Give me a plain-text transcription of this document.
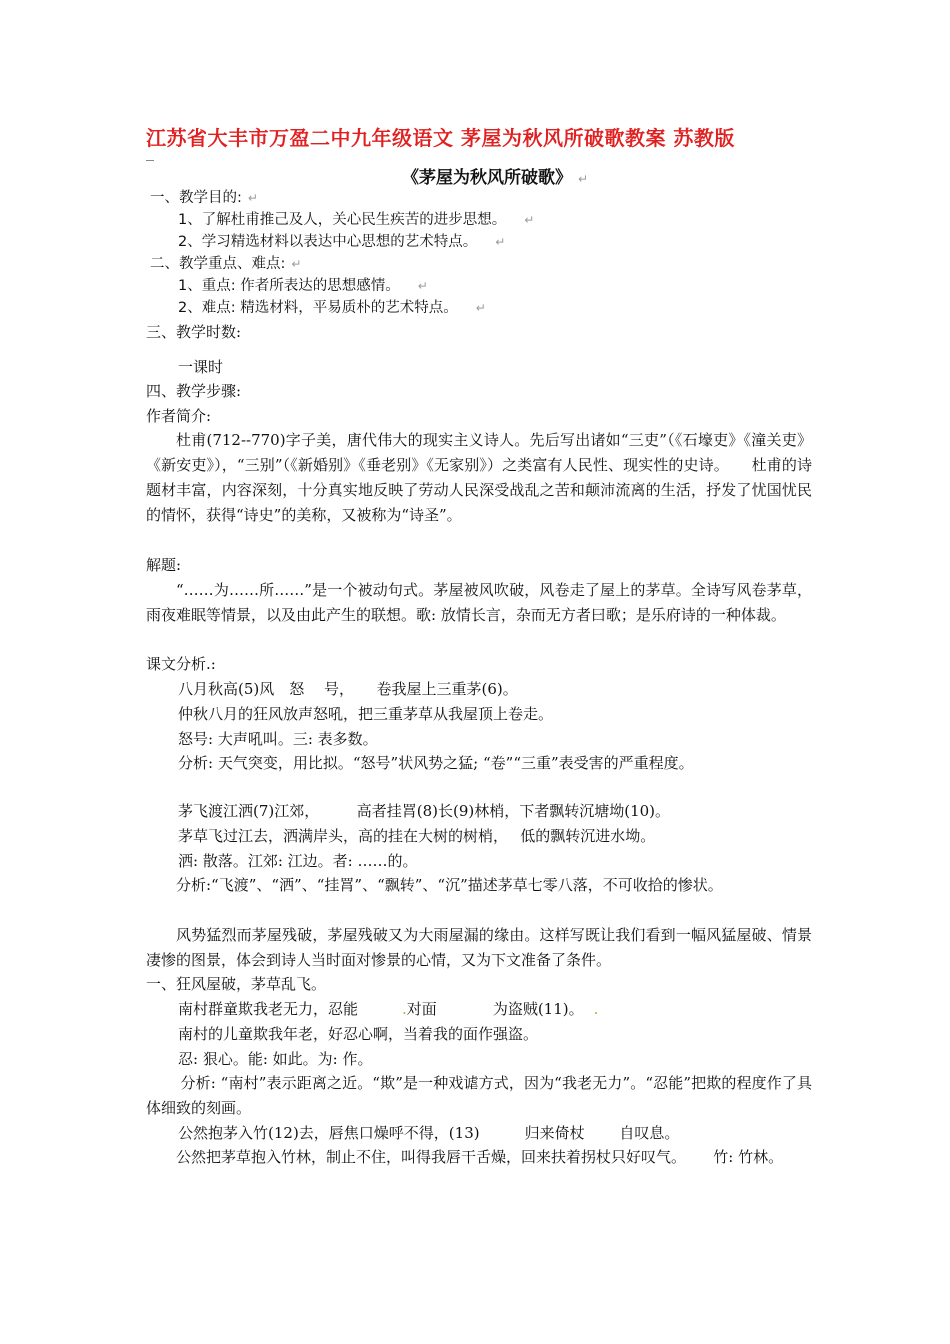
江苏省大丰市万盈二中九年级语文 茅屋为秋风所破歌教案 苏教版
《茅屋为秋风所破歌》 ↵
一、教学目的: ↵
1、了解杜甫推己及人，关心民生疾苦的进步思想。 ↵
2、学习精选材料以表达中心思想的艺术特点。 ↵
二、教学重点、难点: ↵
1、重点: 作者所表达的思想感情。 ↵
2、难点: 精选材料，平易质朴的艺术特点。 ↵
三、教学时数:
一课时
四、教学步骤:
作者简介:
杜甫(712--770)字子美，唐代伟大的现实主义诗人。先后写出诸如“三吏”（《石壕吏》《潼关吏》《新安吏》），“三别”（《新婚别》《垂老别》《无家别》）之类富有人民性、现实性的史诗。　　杜甫的诗题材丰富，内容深刻，十分真实地反映了劳动人民深受战乱之苦和颠沛流离的生活，抒发了忧国忧民的情怀，获得“诗史”的美称，又被称为“诗圣”。
解题:
“……为……所……”是一个被动句式。茅屋被风吹破，风卷走了屋上的茅草。全诗写风卷茅草，雨夜难眠等情景，以及由此产生的联想。歌: 放情长言，杂而无方者曰歌；是乐府诗的一种体裁。
课文分析.:
八月秋高(5)风　怒　 号，　　卷我屋上三重茅(6)。
仲秋八月的狂风放声怒吼，把三重茅草从我屋顶上卷走。
怒号: 大声吼叫。三: 表多数。
分析: 天气突变，用比拟。“怒号”状风势之猛; “卷”“三重”表受害的严重程度。
茅飞渡江洒(7)江郊，　　　高者挂罥(8)长(9)林梢，下者飘转沉塘坳(10)。
茅草飞过江去，洒满岸头，高的挂在大树的树梢，　 低的飘转沉进水坳。
洒: 散落。江郊: 江边。者: ……的。
分析:“飞渡”、“洒”、“挂罥”、“飘转”、“沉”描述茅草七零八落，不可收拾的惨状。
风势猛烈而茅屋残破，茅屋残破又为大雨屋漏的缘由。这样写既让我们看到一幅风猛屋破、情景凄惨的图景，体会到诗人当时面对惨景的心情，又为下文准备了条件。
一、狂风屋破，茅草乱飞。
南村群童欺我老无力，忍能	.对面	为盗贼(11)。 .
南村的儿童欺我年老，好忍心啊，当着我的面作强盗。
忍: 狠心。能: 如此。为: 作。
分析: “南村”表示距离之近。“欺”是一种戏谑方式，因为“我老无力”。“忍能”把欺的程度作了具体细致的刻画。
公然抱茅入竹(12)去，唇焦口燥呼不得，(13)　　　归来倚杖　　 自叹息。
公然把茅草抱入竹林，制止不住，叫得我唇干舌燥，回来扶着拐杖只好叹气。　　 竹: 竹林。
